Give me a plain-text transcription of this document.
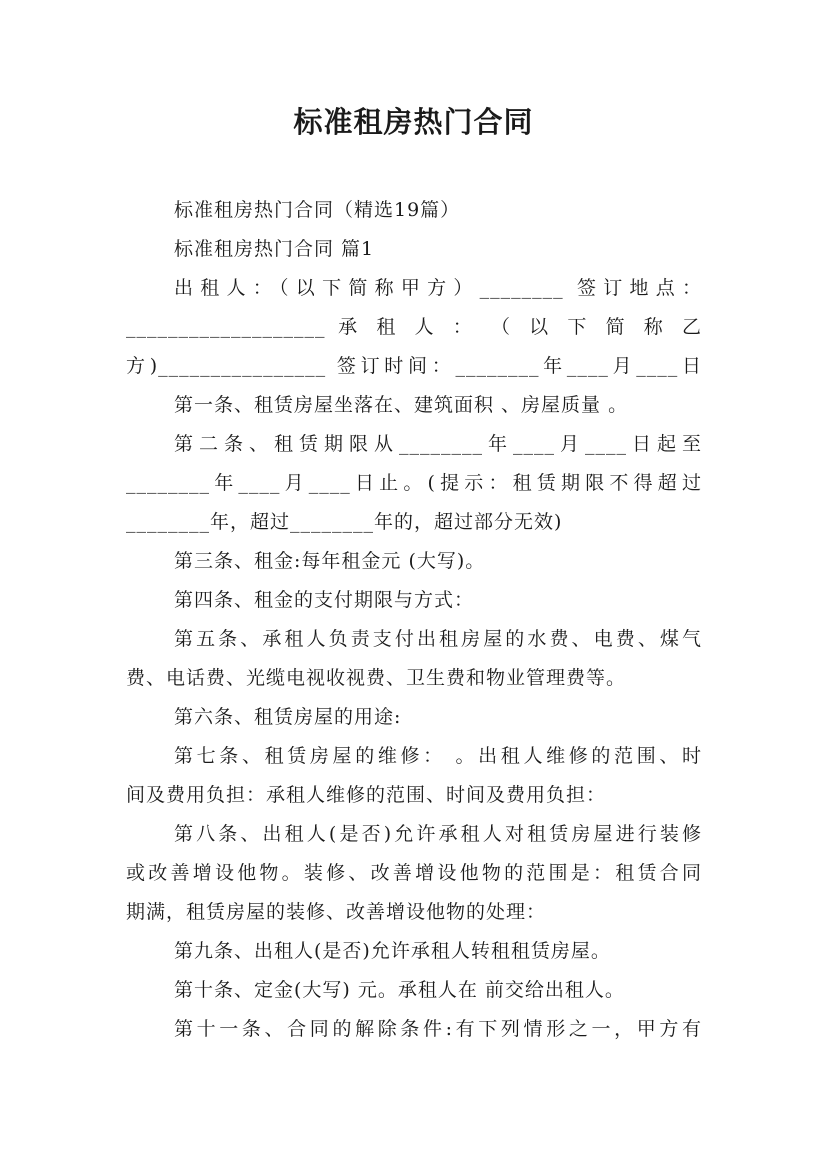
标准租房热门合同
标准租房热门合同（精选19篇）
标准租房热门合同 篇1
出租人：（以下简称甲方）________ 签订地点：
___________________ 承 租 人 ： （ 以 下 简 称 乙
方)________________ 签订时间：________年____月____日
第一条、租赁房屋坐落在、建筑面积 、房屋质量 。
第二条、租赁期限从________年____月____日起至
________年____月____日止。(提示：租赁期限不得超过
________年，超过________年的，超过部分无效)
第三条、租金:每年租金元 (大写)。
第四条、租金的支付期限与方式：
第五条、承租人负责支付出租房屋的水费、电费、煤气
费、电话费、光缆电视收视费、卫生费和物业管理费等。
第六条、租赁房屋的用途:
第七条、租赁房屋的维修： 。出租人维修的范围、时
间及费用负担：承租人维修的范围、时间及费用负担：
第八条、出租人(是否)允许承租人对租赁房屋进行装修
或改善增设他物。装修、改善增设他物的范围是：租赁合同
期满，租赁房屋的装修、改善增设他物的处理：
第九条、出租人(是否)允许承租人转租租赁房屋。
第十条、定金(大写) 元。承租人在 前交给出租人。
第十一条、合同的解除条件:有下列情形之一，甲方有
